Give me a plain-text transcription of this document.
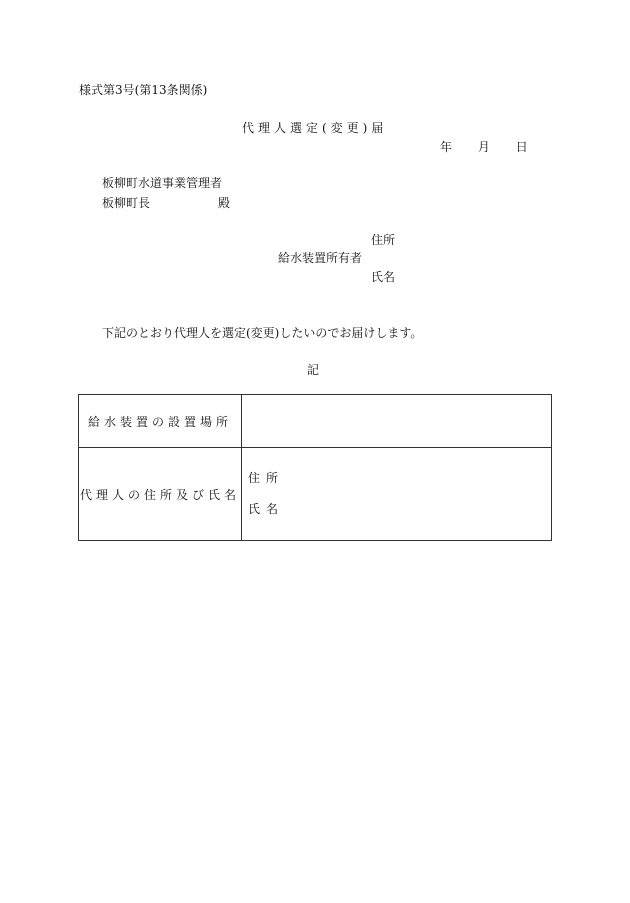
様式第3号(第13条関係)
代理人選定(変更)届
年 月 日
板柳町水道事業管理者
板柳町長	殿
住所
給水装置所有者
氏名
下記のとおり代理人を選定(変更)したいのでお届けします。
記
給水装置の設置場所	
代理人の住所及び氏名	住所
氏名
